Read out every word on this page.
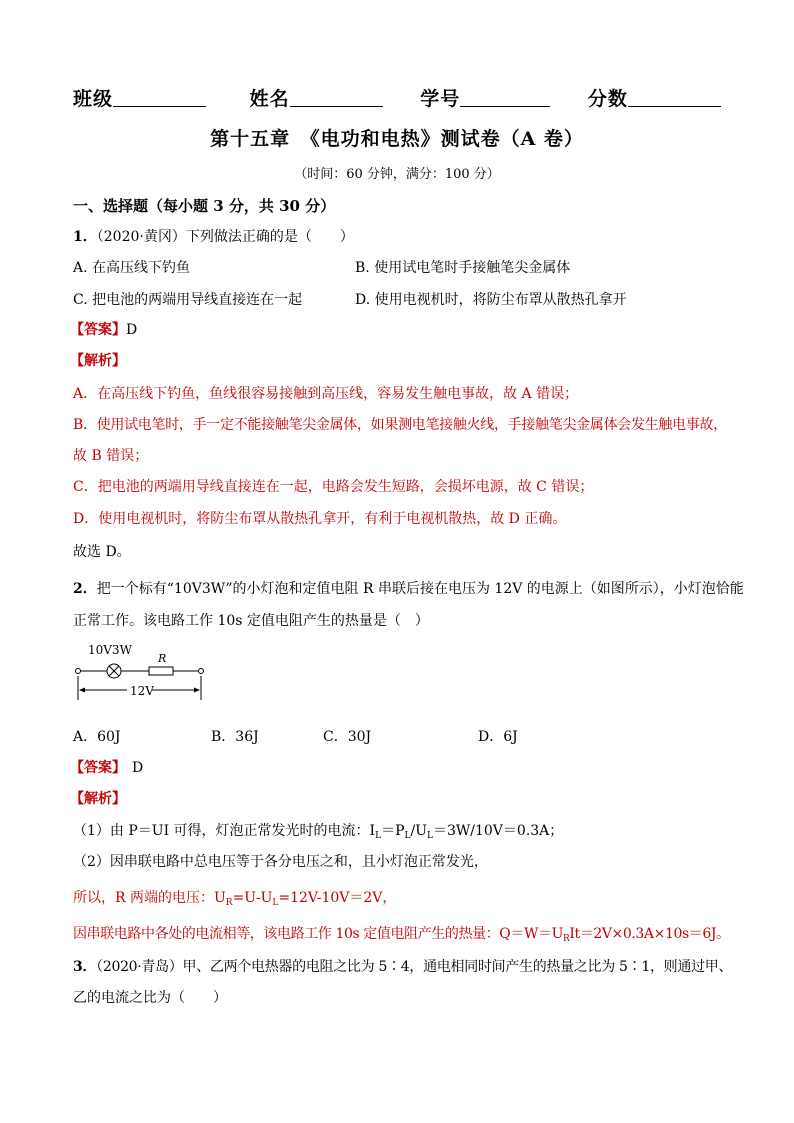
班级	姓名	学号	分数
第十五章　《电功和电热》测试卷（A 卷）
（时间：60 分钟，满分：100 分）
一、选择题（每小题 3 分，共 30 分）
1．（2020·黄冈）下列做法正确的是（　　）
A. 在高压线下钓鱼	B. 使用试电笔时手接触笔尖金属体
C. 把电池的两端用导线直接连在一起	D. 使用电视机时，将防尘布罩从散热孔拿开
【答案】D
【解析】
A．在高压线下钓鱼，鱼线很容易接触到高压线，容易发生触电事故，故 A 错误；
B．使用试电笔时，手一定不能接触笔尖金属体，如果测电笔接触火线，手接触笔尖金属体会发生触电事故，
故 B 错误；
C．把电池的两端用导线直接连在一起，电路会发生短路，会损坏电源，故 C 错误；
D．使用电视机时，将防尘布罩从散热孔拿开，有利于电视机散热，故 D 正确。
故选 D。
2．把一个标有“10V3W”的小灯泡和定值电阻 R 串联后接在电压为 12V 的电源上（如图所示），小灯泡恰能
正常工作。该电路工作 10s 定值电阻产生的热量是（　）
10V3W
R
12V
A．60J	B．36J	C．30J	D．6J
【答案】 D
【解析】
（1）由 P＝UI 可得，灯泡正常发光时的电流：$I_L=P_L/U_L=3W/10V=0.3A$；
（2）因串联电路中总电压等于各分电压之和，且小灯泡正常发光，
所以，R 两端的电压：$U_R=U-U_L=12V-10V=2V$，
因串联电路中各处的电流相等，该电路工作 10s 定值电阻产生的热量：$Q=W=U_RIt=2V\times 0.3A\times 10s=6J$。
3．（2020·青岛）甲、乙两个电热器的电阻之比为 5∶4，通电相同时间产生的热量之比为 5∶1，则通过甲、
乙的电流之比为（　　）
